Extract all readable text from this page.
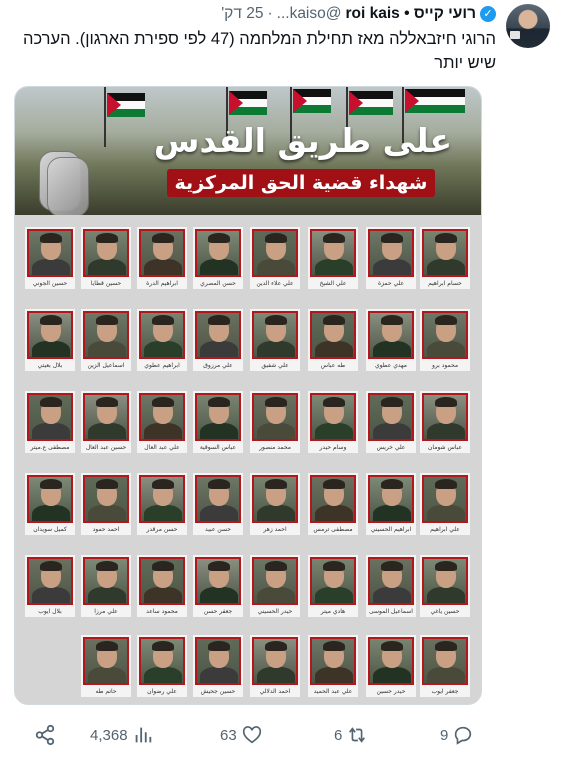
✓
רועי קייס • roi kais
@kaiso...
·
25 דק'
הרוגי חיזבאללה מאז תחילת המלחמה (47 לפי ספירת הארגון). הערכה שיש יותר
على طريق القدس
شهداء قضية الحق المركزية
حسام ابراهيم
علي حمزة
علي الشيخ
علي علاء الدين
حسن المصري
ابراهيم الدرة
حسين قطايا
حسين الجوني
محمود برو
مهدي عطوي
طه عباس
علي شفيق
علي مرزوق
ابراهيم عطوي
اسماعيل الزين
بلال بعيتي
عباس شومان
علي خريس
وسام حيدر
محمد منصور
عباس السوقية
علي عبد العال
حسين عبد العال
مصطفى ع.ميتر
علي ابراهيم
ابراهيم الحسيني
مصطفى ترمس
احمد زهر
حسن عبيد
حسن مرقدر
احمد حمود
كميل سويدان
حسين ياغي
اسماعيل الموسى
هادي ميتر
حيدر الحسيني
جعفر حسن
محمود ساعد
علي مرزا
بلال ايوب
جعفر ايوب
حيدر حسين
علي عبد الحميد
احمد الدلالي
حسين جحيش
علي رضوان
حاتم طه
4,368	63	6	9
